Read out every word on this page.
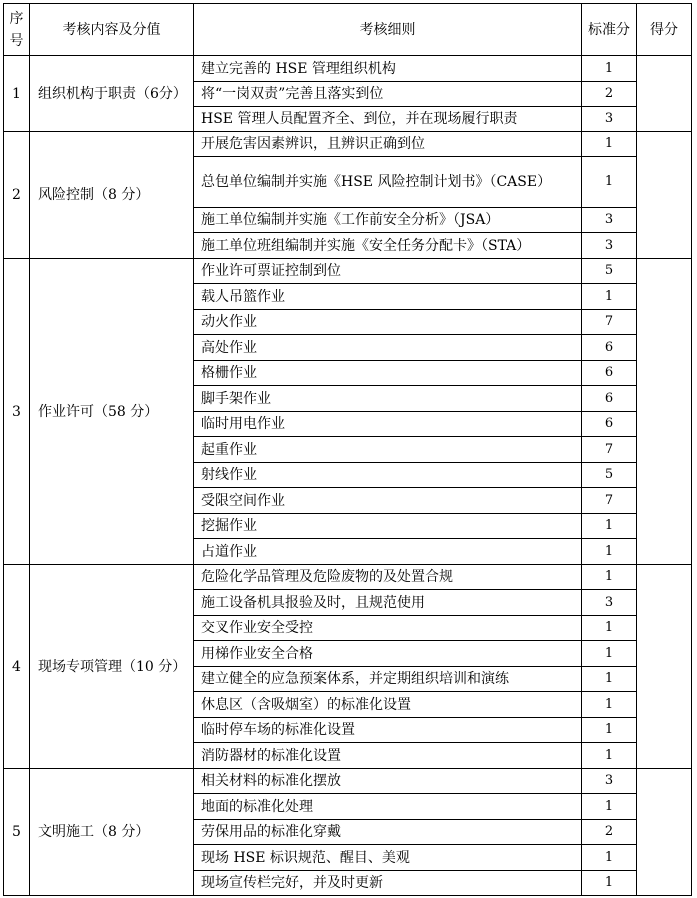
序号	考核内容及分值	考核细则	标准分	得分
1	组织机构于职责（6分）	建立完善的 HSE 管理组织机构	1	
		将“一岗双责”完善且落实到位	2	
		HSE 管理人员配置齐全、到位，并在现场履行职责	3	
2	风险控制（8 分）	开展危害因素辨识，且辨识正确到位	1	
		总包单位编制并实施《HSE 风险控制计划书》（CASE）	1	
		施工单位编制并实施《工作前安全分析》（JSA）	3	
		施工单位班组编制并实施《安全任务分配卡》（STA）	3	
3	作业许可（58 分）	作业许可票证控制到位	5	
		载人吊篮作业	1	
		动火作业	7	
		高处作业	6	
		格栅作业	6	
		脚手架作业	6	
		临时用电作业	6	
		起重作业	7	
		射线作业	5	
		受限空间作业	7	
		挖掘作业	1	
		占道作业	1	
4	现场专项管理（10 分）	危险化学品管理及危险废物的及处置合规	1	
		施工设备机具报验及时，且规范使用	3	
		交叉作业安全受控	1	
		用梯作业安全合格	1	
		建立健全的应急预案体系，并定期组织培训和演练	1	
		休息区（含吸烟室）的标准化设置	1	
		临时停车场的标准化设置	1	
		消防器材的标准化设置	1	
5	文明施工（8 分）	相关材料的标准化摆放	3	
		地面的标准化处理	1	
		劳保用品的标准化穿戴	2	
		现场 HSE 标识规范、醒目、美观	1	
		现场宣传栏完好，并及时更新	1	
